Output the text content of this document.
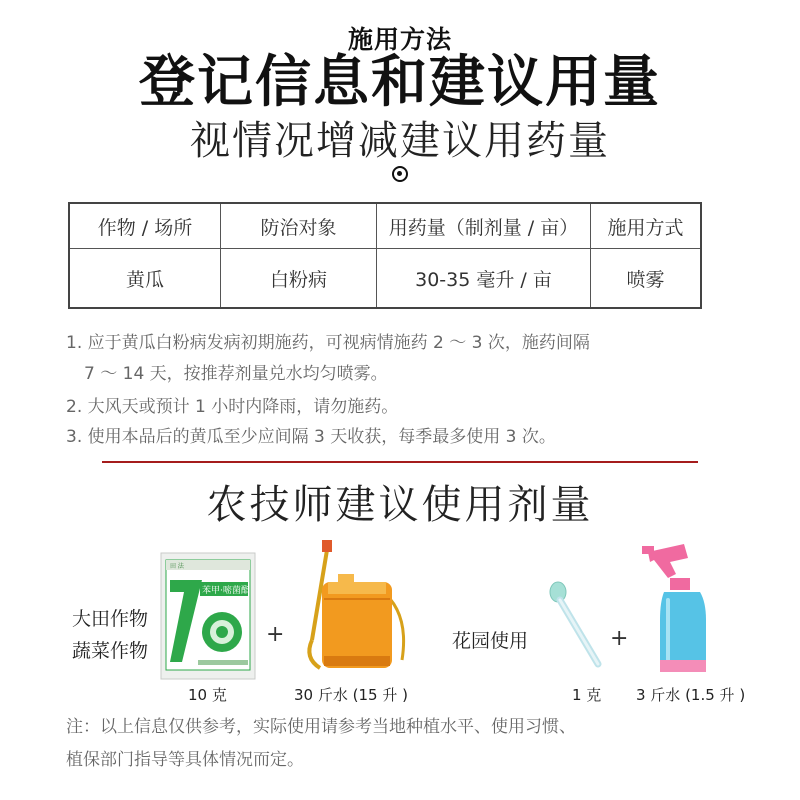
施用方法
登记信息和建议用量
视情况增减建议用药量
作物 / 场所	防治对象	用药量（制剂量 / 亩）	施用方式
黄瓜	白粉病	30-35 毫升 / 亩	喷雾
1. 应于黄瓜白粉病发病初期施药，可视病情施药 2 ～ 3 次，施药间隔
7 ～ 14 天，按推荐剂量兑水均匀喷雾。
2. 大风天或预计 1 小时内降雨，请勿施药。
3. 使用本品后的黄瓜至少应间隔 3 天收获，每季最多使用 3 次。
农技师建议使用剂量
大田作物
蔬菜作物
田 法
苯甲·嘧菌酯
10 克
+
30 斤水 (15 升 )
花园使用
1 克
+
3 斤水 (1.5 升 )
注：以上信息仅供参考，实际使用请参考当地种植水平、使用习惯、
植保部门指导等具体情况而定。
